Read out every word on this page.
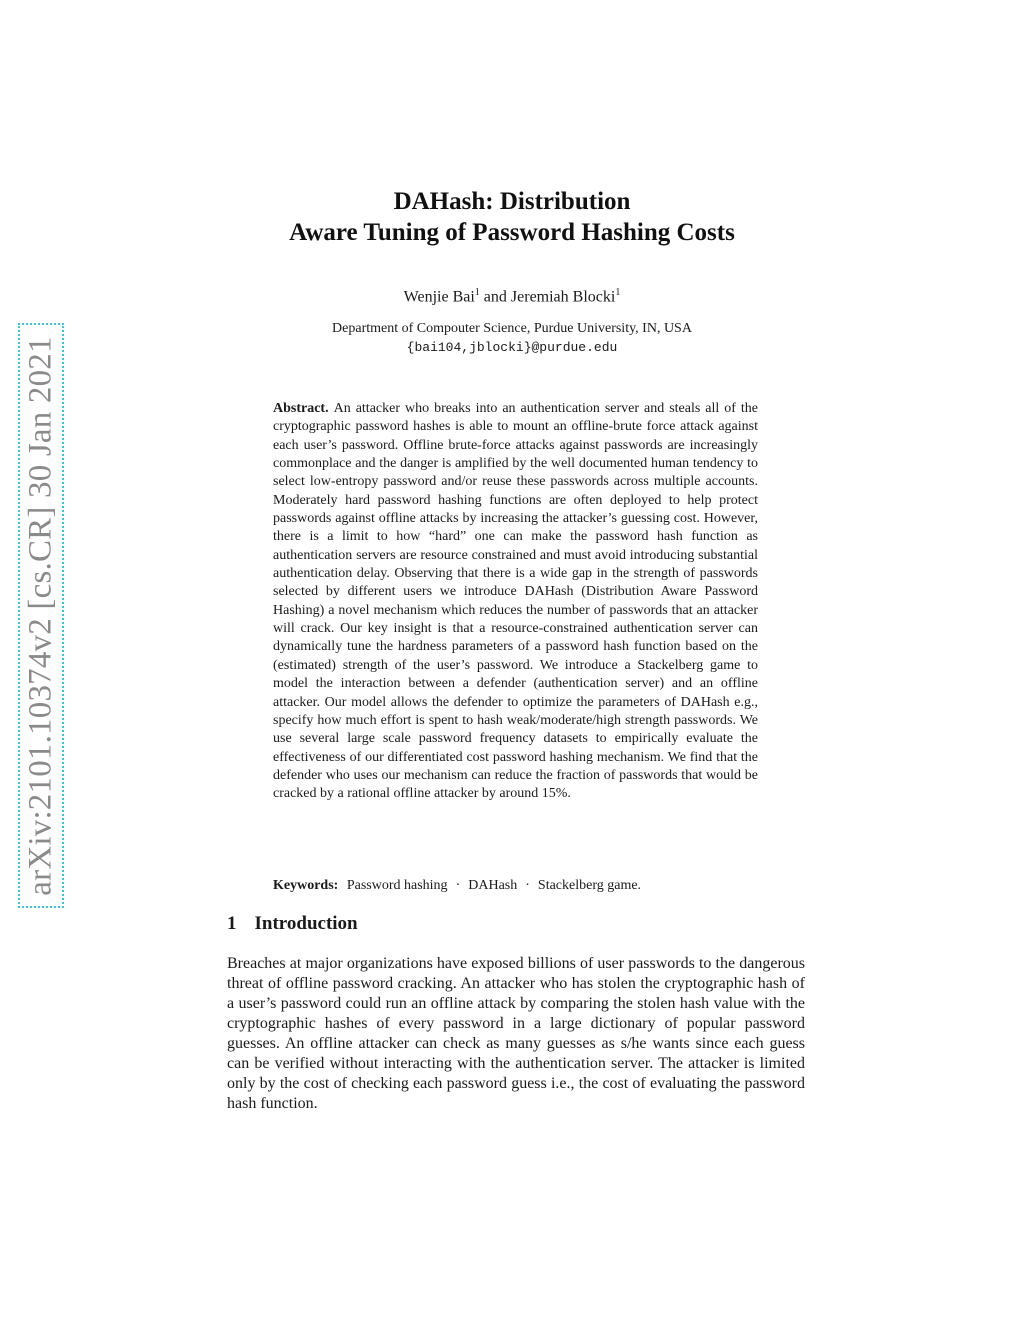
arXiv:2101.10374v2 [cs.CR] 30 Jan 2021
DAHash: Distribution
Aware Tuning of Password Hashing Costs
Wenjie Bai$^1$ and Jeremiah Blocki$^1$
Department of Compouter Science, Purdue University, IN, USA
{bai104,jblocki}@purdue.edu
Abstract. An attacker who breaks into an authentication server and steals all of the cryptographic password hashes is able to mount an offline-brute force attack against each user’s password. Offline brute-force attacks against passwords are increasingly commonplace and the danger is amplified by the well documented human tendency to select low-entropy password and/or reuse these passwords across multiple accounts. Moderately hard password hashing functions are often deployed to help protect passwords against offline attacks by increasing the attacker’s guessing cost. However, there is a limit to how “hard” one can make the password hash function as authentication servers are resource constrained and must avoid introducing substantial authentication delay. Observing that there is a wide gap in the strength of passwords selected by different users we introduce DAHash (Distribution Aware Password Hashing) a novel mechanism which reduces the number of passwords that an attacker will crack. Our key insight is that a resource-constrained authentication server can dynamically tune the hardness parameters of a password hash function based on the (estimated) strength of the user’s password. We introduce a Stackelberg game to model the interaction between a defender (authentication server) and an offline attacker. Our model allows the defender to optimize the parameters of DAHash e.g., specify how much effort is spent to hash weak/moderate/high strength passwords. We use several large scale password frequency datasets to empirically evaluate the effectiveness of our differentiated cost password hashing mechanism. We find that the defender who uses our mechanism can reduce the fraction of passwords that would be cracked by a rational offline attacker by around 15%.
Keywords: Password hashing · DAHash · Stackelberg game.
1 Introduction
Breaches at major organizations have exposed billions of user passwords to the dangerous threat of offline password cracking. An attacker who has stolen the cryptographic hash of a user’s password could run an offline attack by comparing the stolen hash value with the cryptographic hashes of every password in a large dictionary of popular password guesses. An offline attacker can check as many guesses as s/he wants since each guess can be verified without interacting with the authentication server. The attacker is limited only by the cost of checking each password guess i.e., the cost of evaluating the password hash function.
